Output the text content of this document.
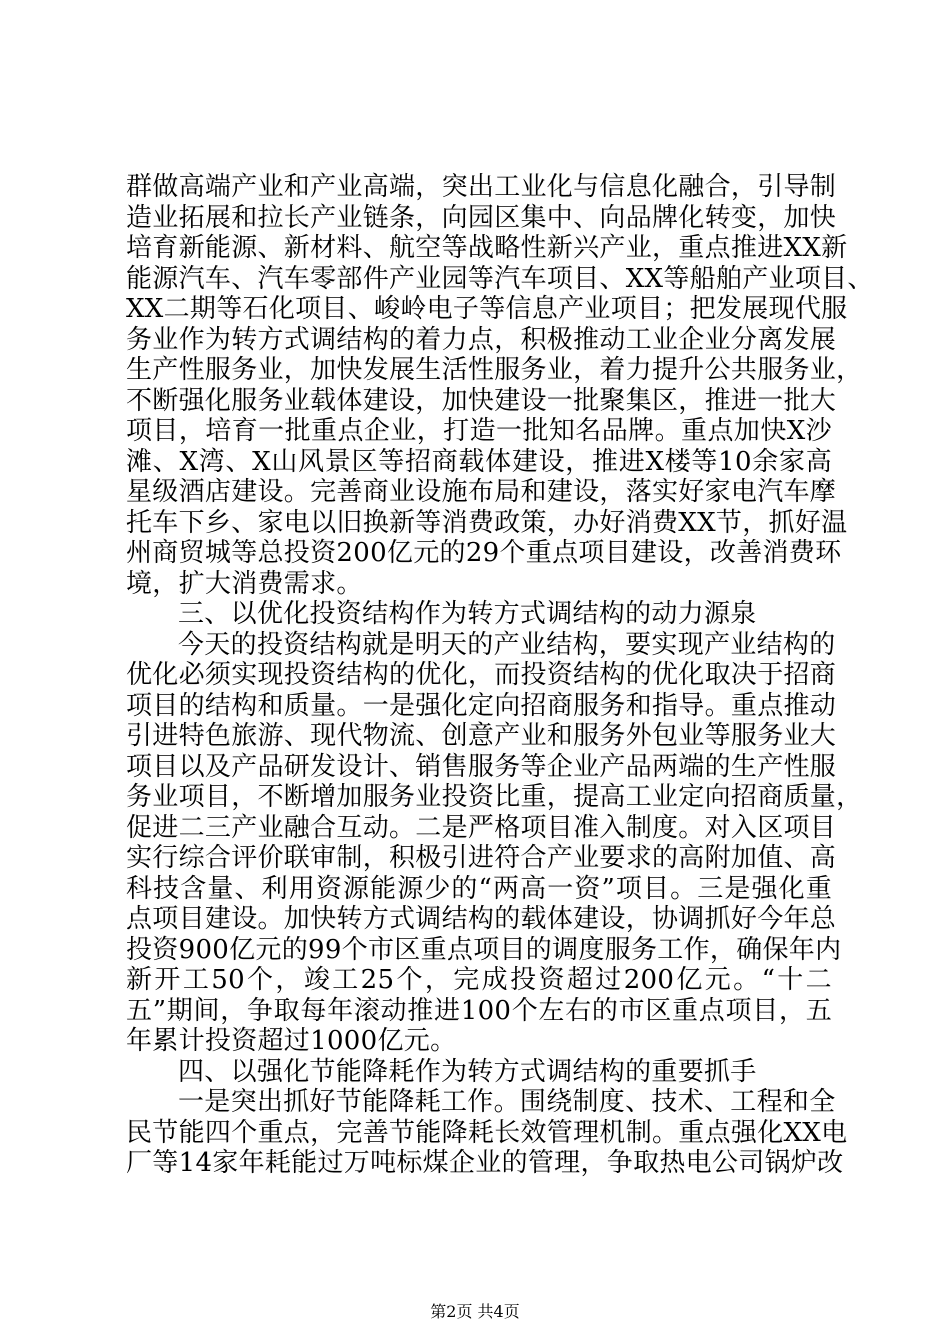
群做高端产业和产业高端，突出工业化与信息化融合，引导制
造业拓展和拉长产业链条，向园区集中、向品牌化转变，加快
培育新能源、新材料、航空等战略性新兴产业，重点推进XX新
能源汽车、汽车零部件产业园等汽车项目、XX等船舶产业项目、
XX二期等石化项目、峻岭电子等信息产业项目；把发展现代服
务业作为转方式调结构的着力点，积极推动工业企业分离发展
生产性服务业，加快发展生活性服务业，着力提升公共服务业，
不断强化服务业载体建设，加快建设一批聚集区，推进一批大
项目，培育一批重点企业，打造一批知名品牌。重点加快X沙
滩、X湾、X山风景区等招商载体建设，推进X楼等10余家高
星级酒店建设。完善商业设施布局和建设，落实好家电汽车摩
托车下乡、家电以旧换新等消费政策，办好消费XX节，抓好温
州商贸城等总投资200亿元的29个重点项目建设，改善消费环
境，扩大消费需求。
三、以优化投资结构作为转方式调结构的动力源泉
今天的投资结构就是明天的产业结构，要实现产业结构的
优化必须实现投资结构的优化，而投资结构的优化取决于招商
项目的结构和质量。一是强化定向招商服务和指导。重点推动
引进特色旅游、现代物流、创意产业和服务外包业等服务业大
项目以及产品研发设计、销售服务等企业产品两端的生产性服
务业项目，不断增加服务业投资比重，提高工业定向招商质量，
促进二三产业融合互动。二是严格项目准入制度。对入区项目
实行综合评价联审制，积极引进符合产业要求的高附加值、高
科技含量、利用资源能源少的“两高一资”项目。三是强化重
点项目建设。加快转方式调结构的载体建设，协调抓好今年总
投资900亿元的99个市区重点项目的调度服务工作，确保年内
新开工50个，竣工25个，完成投资超过200亿元。“十二
五”期间，争取每年滚动推进100个左右的市区重点项目，五
年累计投资超过1000亿元。
四、以强化节能降耗作为转方式调结构的重要抓手
一是突出抓好节能降耗工作。围绕制度、技术、工程和全
民节能四个重点，完善节能降耗长效管理机制。重点强化XX电
厂等14家年耗能过万吨标煤企业的管理，争取热电公司锅炉改
第2页 共4页
